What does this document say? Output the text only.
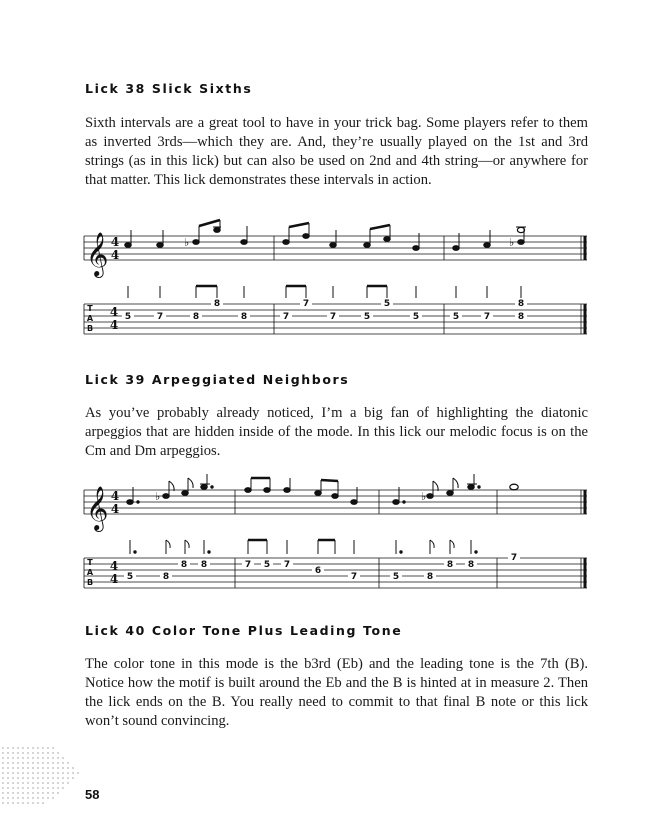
Lick 38 Slick Sixths
Sixth intervals are a great tool to have in your trick bag. Some players refer to them as inverted 3rds—which they are. And, they’re usually played on the 1st and 3rd strings (as in this lick) but can also be used on 2nd and 4th string—or anywhere for that matter. This lick demonstrates these intervals in action.
𝄞 4
4
♭	♭
T
A
B
4
4
5	7	8	8	7	7	5	5	5	7	8
8	7	5	8
Lick 39 Arpeggiated Neighbors
As you’ve probably already noticed, I’m a big fan of highlighting the diatonic arpeggios that are hidden inside of the mode. In this lick our melodic focus is on the Cm and Dm arpeggios.
𝄞 4
4
♭	♭
T
A
B
4
4
7
8 8	7 5 7	8 8
6
5	8	7	5	8
Lick 40 Color Tone Plus Leading Tone
The color tone in this mode is the b3rd (Eb) and the leading tone is the 7th (B). Notice how the motif is built around the Eb and the B is hinted at in measure 2. Then the lick ends on the B. You really need to commit to that final B note or this lick won’t sound convincing.
58
